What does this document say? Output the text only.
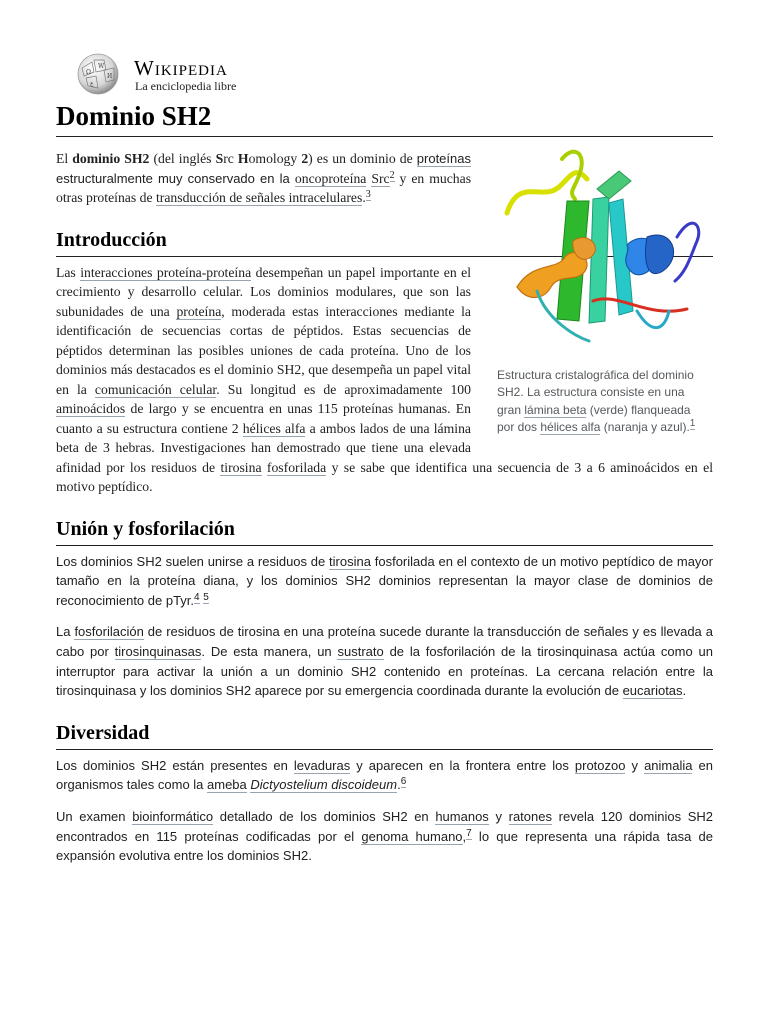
Ω
W
И
ع
Wikipedia
La enciclopedia libre
Dominio SH2
Estructura cristalográfica del dominio SH2. La estructura consiste en una gran lámina beta (verde) flanqueada por dos hélices alfa (naranja y azul).$^1$

El dominio SH2 (del inglés Src Homology 2) es un dominio de proteínas estructuralmente muy conservado en la oncoproteína Src$^2$ y en muchas otras proteínas de transducción de señales intracelulares.$^3$

Introducción

Las interacciones proteína-proteína desempeñan un papel importante en el crecimiento y desarrollo celular. Los dominios modulares, que son las subunidades de una proteína, moderada estas interacciones mediante la identificación de secuencias cortas de péptidos. Estas secuencias de péptidos determinan las posibles uniones de cada proteína. Uno de los dominios más destacados es el dominio SH2, que desempeña un papel vital en la comunicación celular. Su longitud es de aproximadamente 100 aminoácidos de largo y se encuentra en unas 115 proteínas humanas. En cuanto a su estructura contiene 2 hélices alfa a ambos lados de una lámina beta de 3 hebras. Investigaciones han demostrado que tiene una elevada afinidad por los residuos de tirosina fosforilada y se sabe que identifica una secuencia de 3 a 6 aminoácidos en el motivo peptídico.

Unión y fosforilación

Los dominios SH2 suelen unirse a residuos de tirosina fosforilada en el contexto de un motivo peptídico de mayor tamaño en la proteína diana, y los dominios SH2 dominios representan la mayor clase de dominios de reconocimiento de pTyr.$^4$ $^5$

La fosforilación de residuos de tirosina en una proteína sucede durante la transducción de señales y es llevada a cabo por tirosinquinasas. De esta manera, un sustrato de la fosforilación de la tirosinquinasa actúa como un interruptor para activar la unión a un dominio SH2 contenido en proteínas. La cercana relación entre la tirosinquinasa y los dominios SH2 aparece por su emergencia coordinada durante la evolución de eucariotas.

Diversidad

Los dominios SH2 están presentes en levaduras y aparecen en la frontera entre los protozoo y animalia en organismos tales como la ameba Dictyostelium discoideum.$^6$

Un examen bioinformático detallado de los dominios SH2 en humanos y ratones revela 120 dominios SH2 encontrados en 115 proteínas codificadas por el genoma humano,$^7$ lo que representa una rápida tasa de expansión evolutiva entre los dominios SH2.
